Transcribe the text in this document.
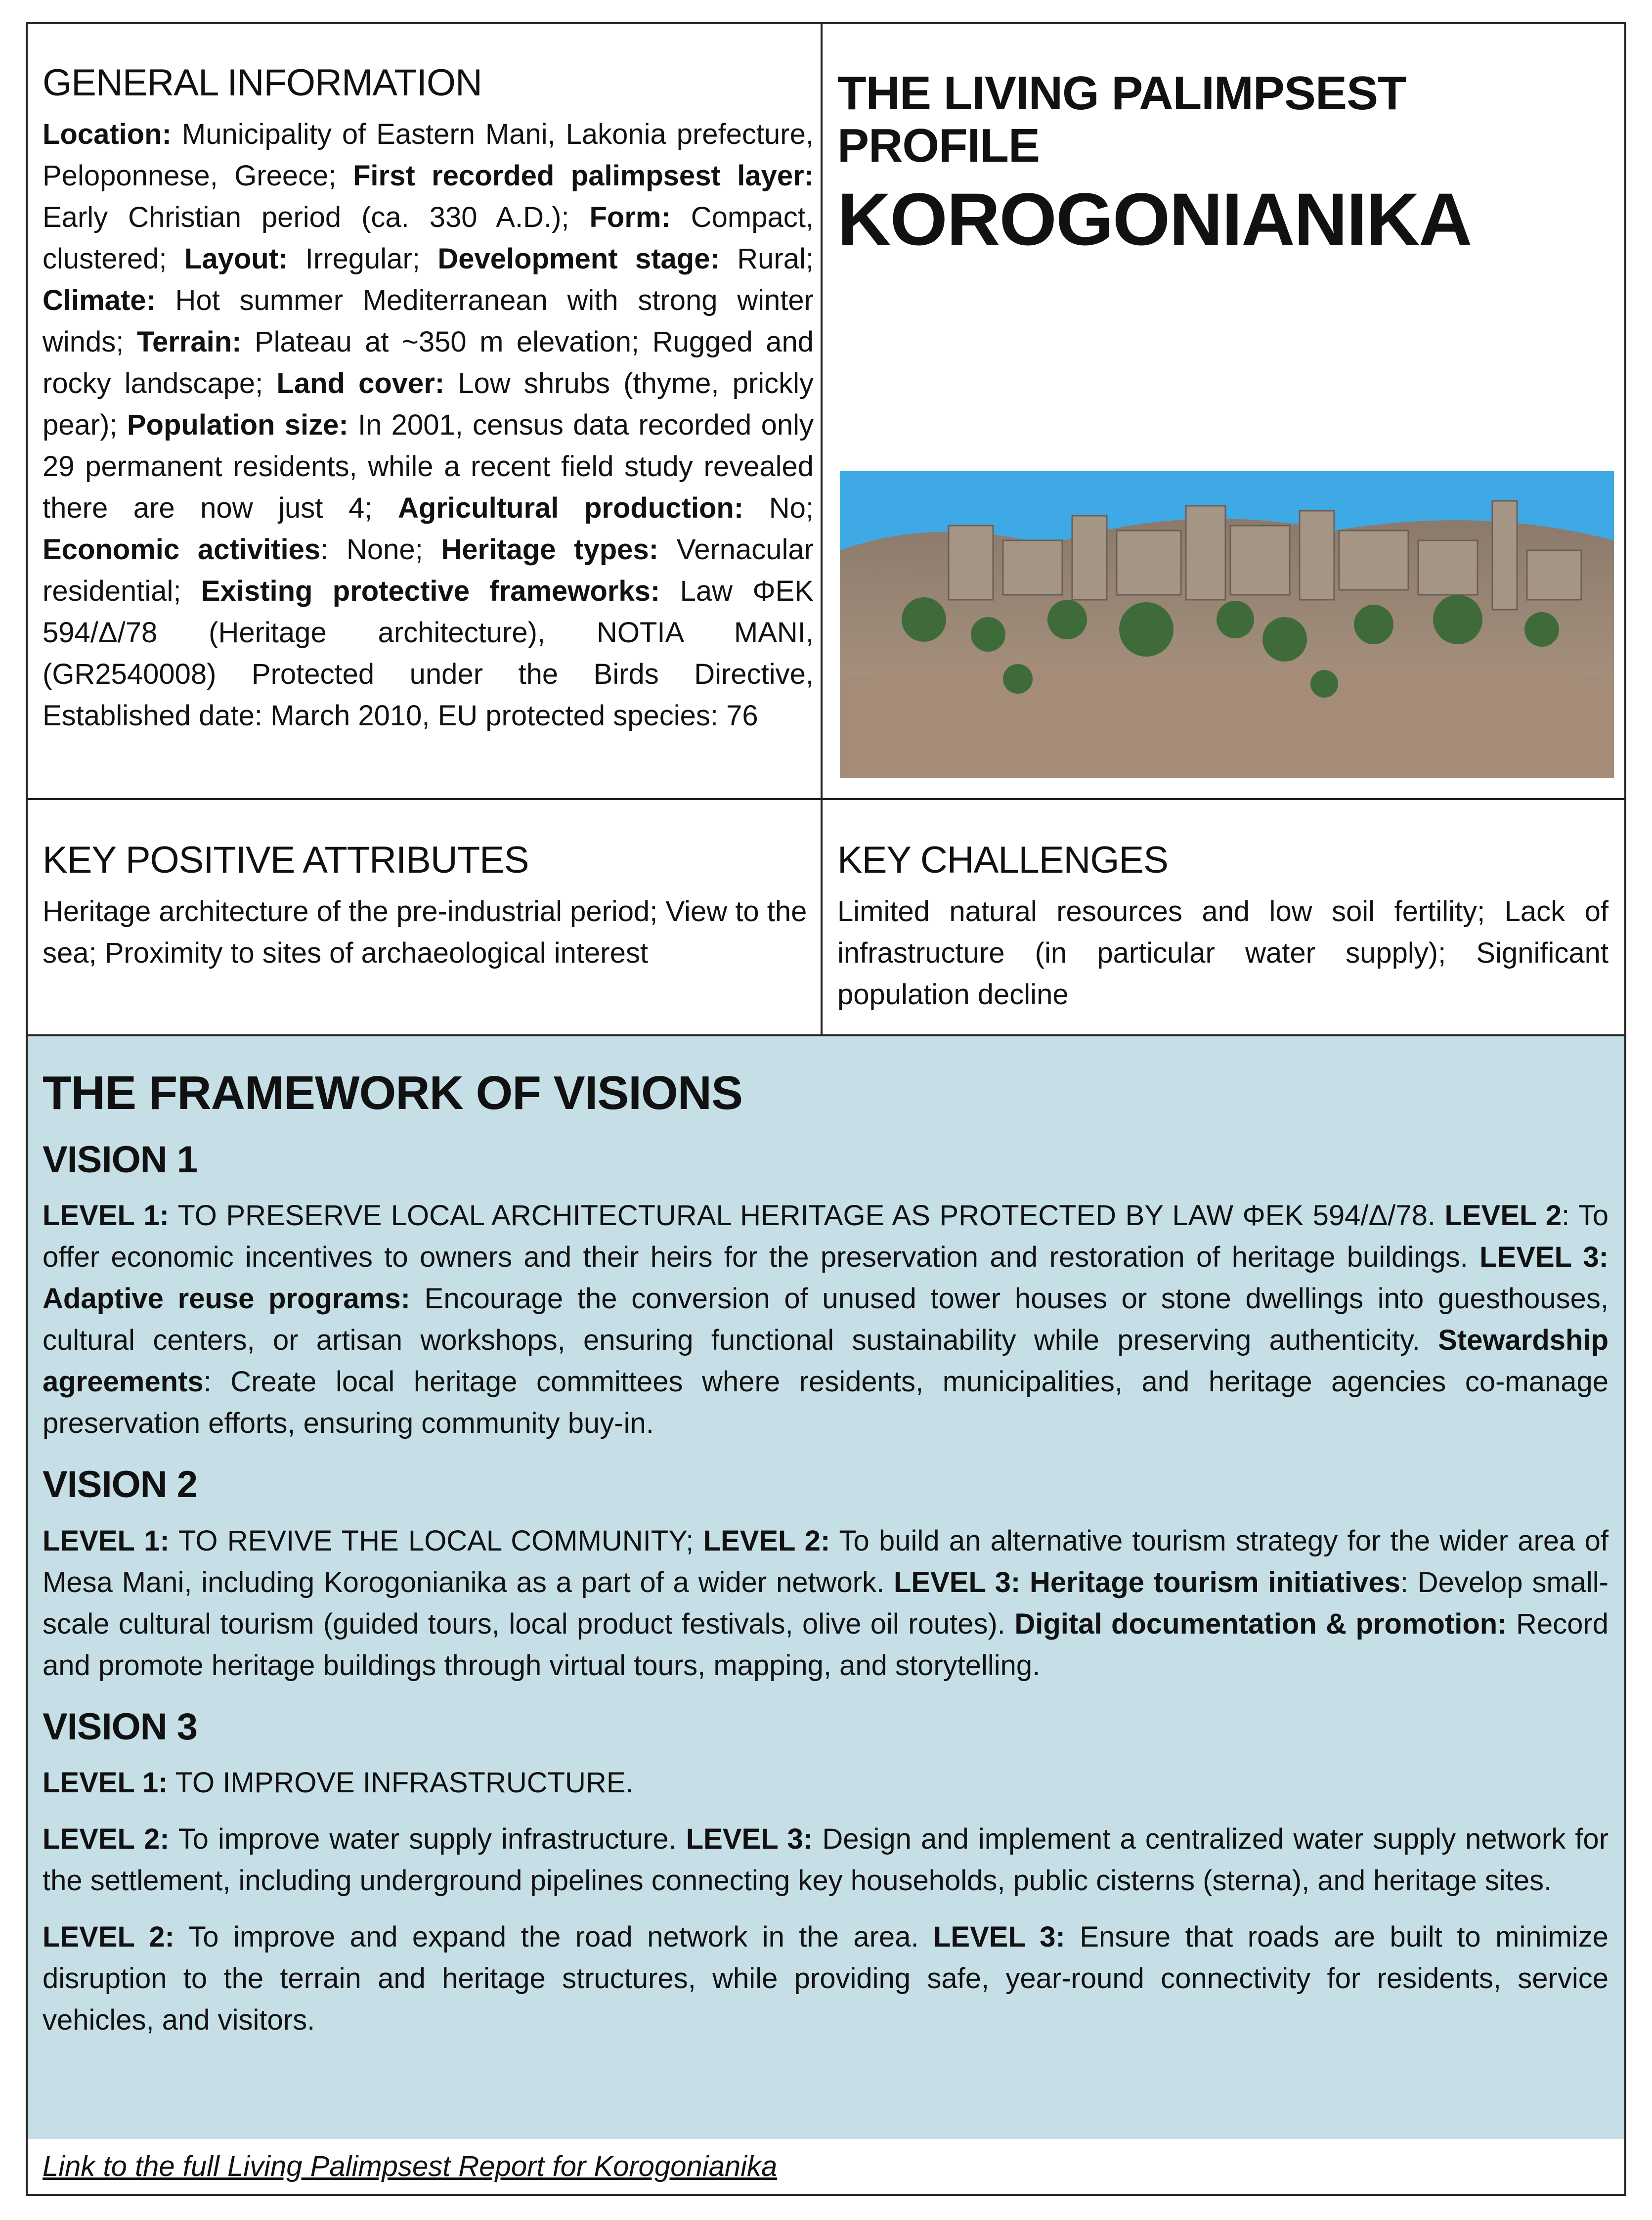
GENERAL INFORMATION

Location: Municipality of Eastern Mani, Lakonia prefecture, Peloponnese, Greece; First recorded palimpsest layer: Early Christian period (ca. 330 A.D.); Form: Compact, clustered; Layout: Irregular; Development stage: Rural; Climate: Hot summer Mediterranean with strong winter winds; Terrain: Plateau at ~350 m elevation; Rugged and rocky landscape; Land cover: Low shrubs (thyme, prickly pear); Population size: In 2001, census data recorded only 29 permanent residents, while a recent field study revealed there are now just 4; Agricultural production: No; Economic activities: None; Heritage types: Vernacular residential; Existing protective frameworks: Law ΦΕΚ 594/Δ/78 (Heritage architecture), NOTIA MANI, (GR2540008) Protected under the Birds Directive, Established date: March 2010, EU protected species: 76

THE LIVING PALIMPSEST PROFILE
KOROGONIANIKA
KEY POSITIVE ATTRIBUTES

Heritage architecture of the pre-industrial period; View to the sea; Proximity to sites of archaeological interest

KEY CHALLENGES

Limited natural resources and low soil fertility; Lack of infrastructure (in particular water supply); Significant population decline

THE FRAMEWORK OF VISIONS
VISION 1

LEVEL 1: TO PRESERVE LOCAL ARCHITECTURAL HERITAGE AS PROTECTED BY LAW ΦΕΚ 594/Δ/78. LEVEL 2: To offer economic incentives to owners and their heirs for the preservation and restoration of heritage buildings. LEVEL 3: Adaptive reuse programs: Encourage the conversion of unused tower houses or stone dwellings into guesthouses, cultural centers, or artisan workshops, ensuring functional sustainability while preserving authenticity. Stewardship agreements: Create local heritage committees where residents, municipalities, and heritage agencies co-manage preservation efforts, ensuring community buy-in.

VISION 2

LEVEL 1: TO REVIVE THE LOCAL COMMUNITY; LEVEL 2: To build an alternative tourism strategy for the wider area of Mesa Mani, including Korogonianika as a part of a wider network. LEVEL 3: Heritage tourism initiatives: Develop small-scale cultural tourism (guided tours, local product festivals, olive oil routes). Digital documentation & promotion: Record and promote heritage buildings through virtual tours, mapping, and storytelling.

VISION 3

LEVEL 1: TO IMPROVE INFRASTRUCTURE.

LEVEL 2: To improve water supply infrastructure. LEVEL 3: Design and implement a centralized water supply network for the settlement, including underground pipelines connecting key households, public cisterns (sterna), and heritage sites.

LEVEL 2: To improve and expand the road network in the area. LEVEL 3: Ensure that roads are built to minimize disruption to the terrain and heritage structures, while providing safe, year-round connectivity for residents, service vehicles, and visitors.

Link to the full Living Palimpsest Report for Korogonianika
